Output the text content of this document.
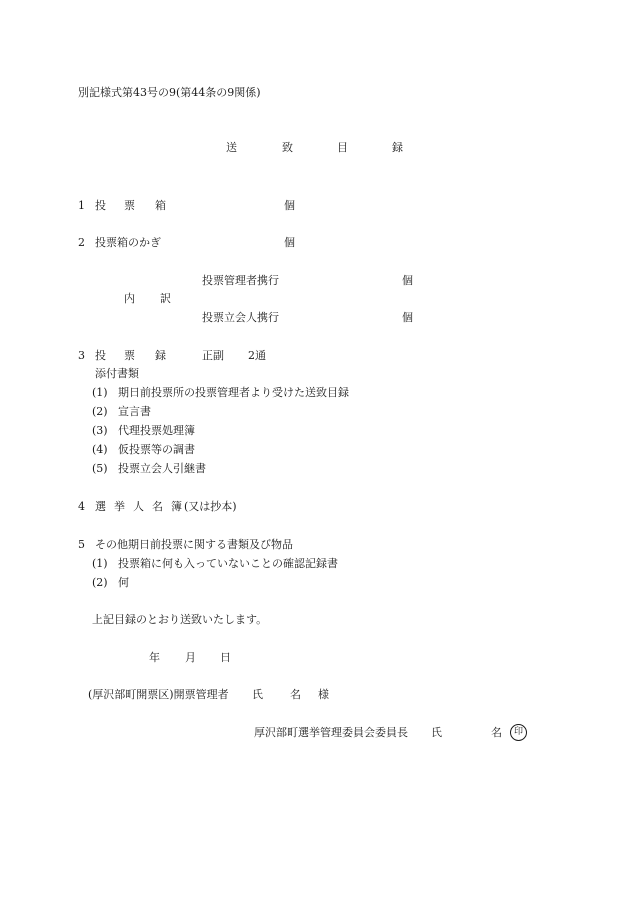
別記様式第43号の9(第44条の9関係)
送	致	目	録
1 投 票 箱	個
2 投票箱のかぎ	個
投票管理者携行	個
内 訳
投票立会人携行	個
3 投 票 録	正副 2通
添付書類
(1) 期日前投票所の投票管理者より受けた送致目録
(2) 宣言書
(3) 代理投票処理簿
(4) 仮投票等の調書
(5) 投票立会人引継書
4 選 挙 人 名 簿 (又は抄本)
5 その他期日前投票に関する書類及び物品
(1) 投票箱に何も入っていないことの確認記録書
(2) 何
上記目録のとおり送致いたします。
年 月 日
(厚沢部町開票区)開票管理者 氏 名 様
厚沢部町選挙管理委員会委員長 氏	名	印
